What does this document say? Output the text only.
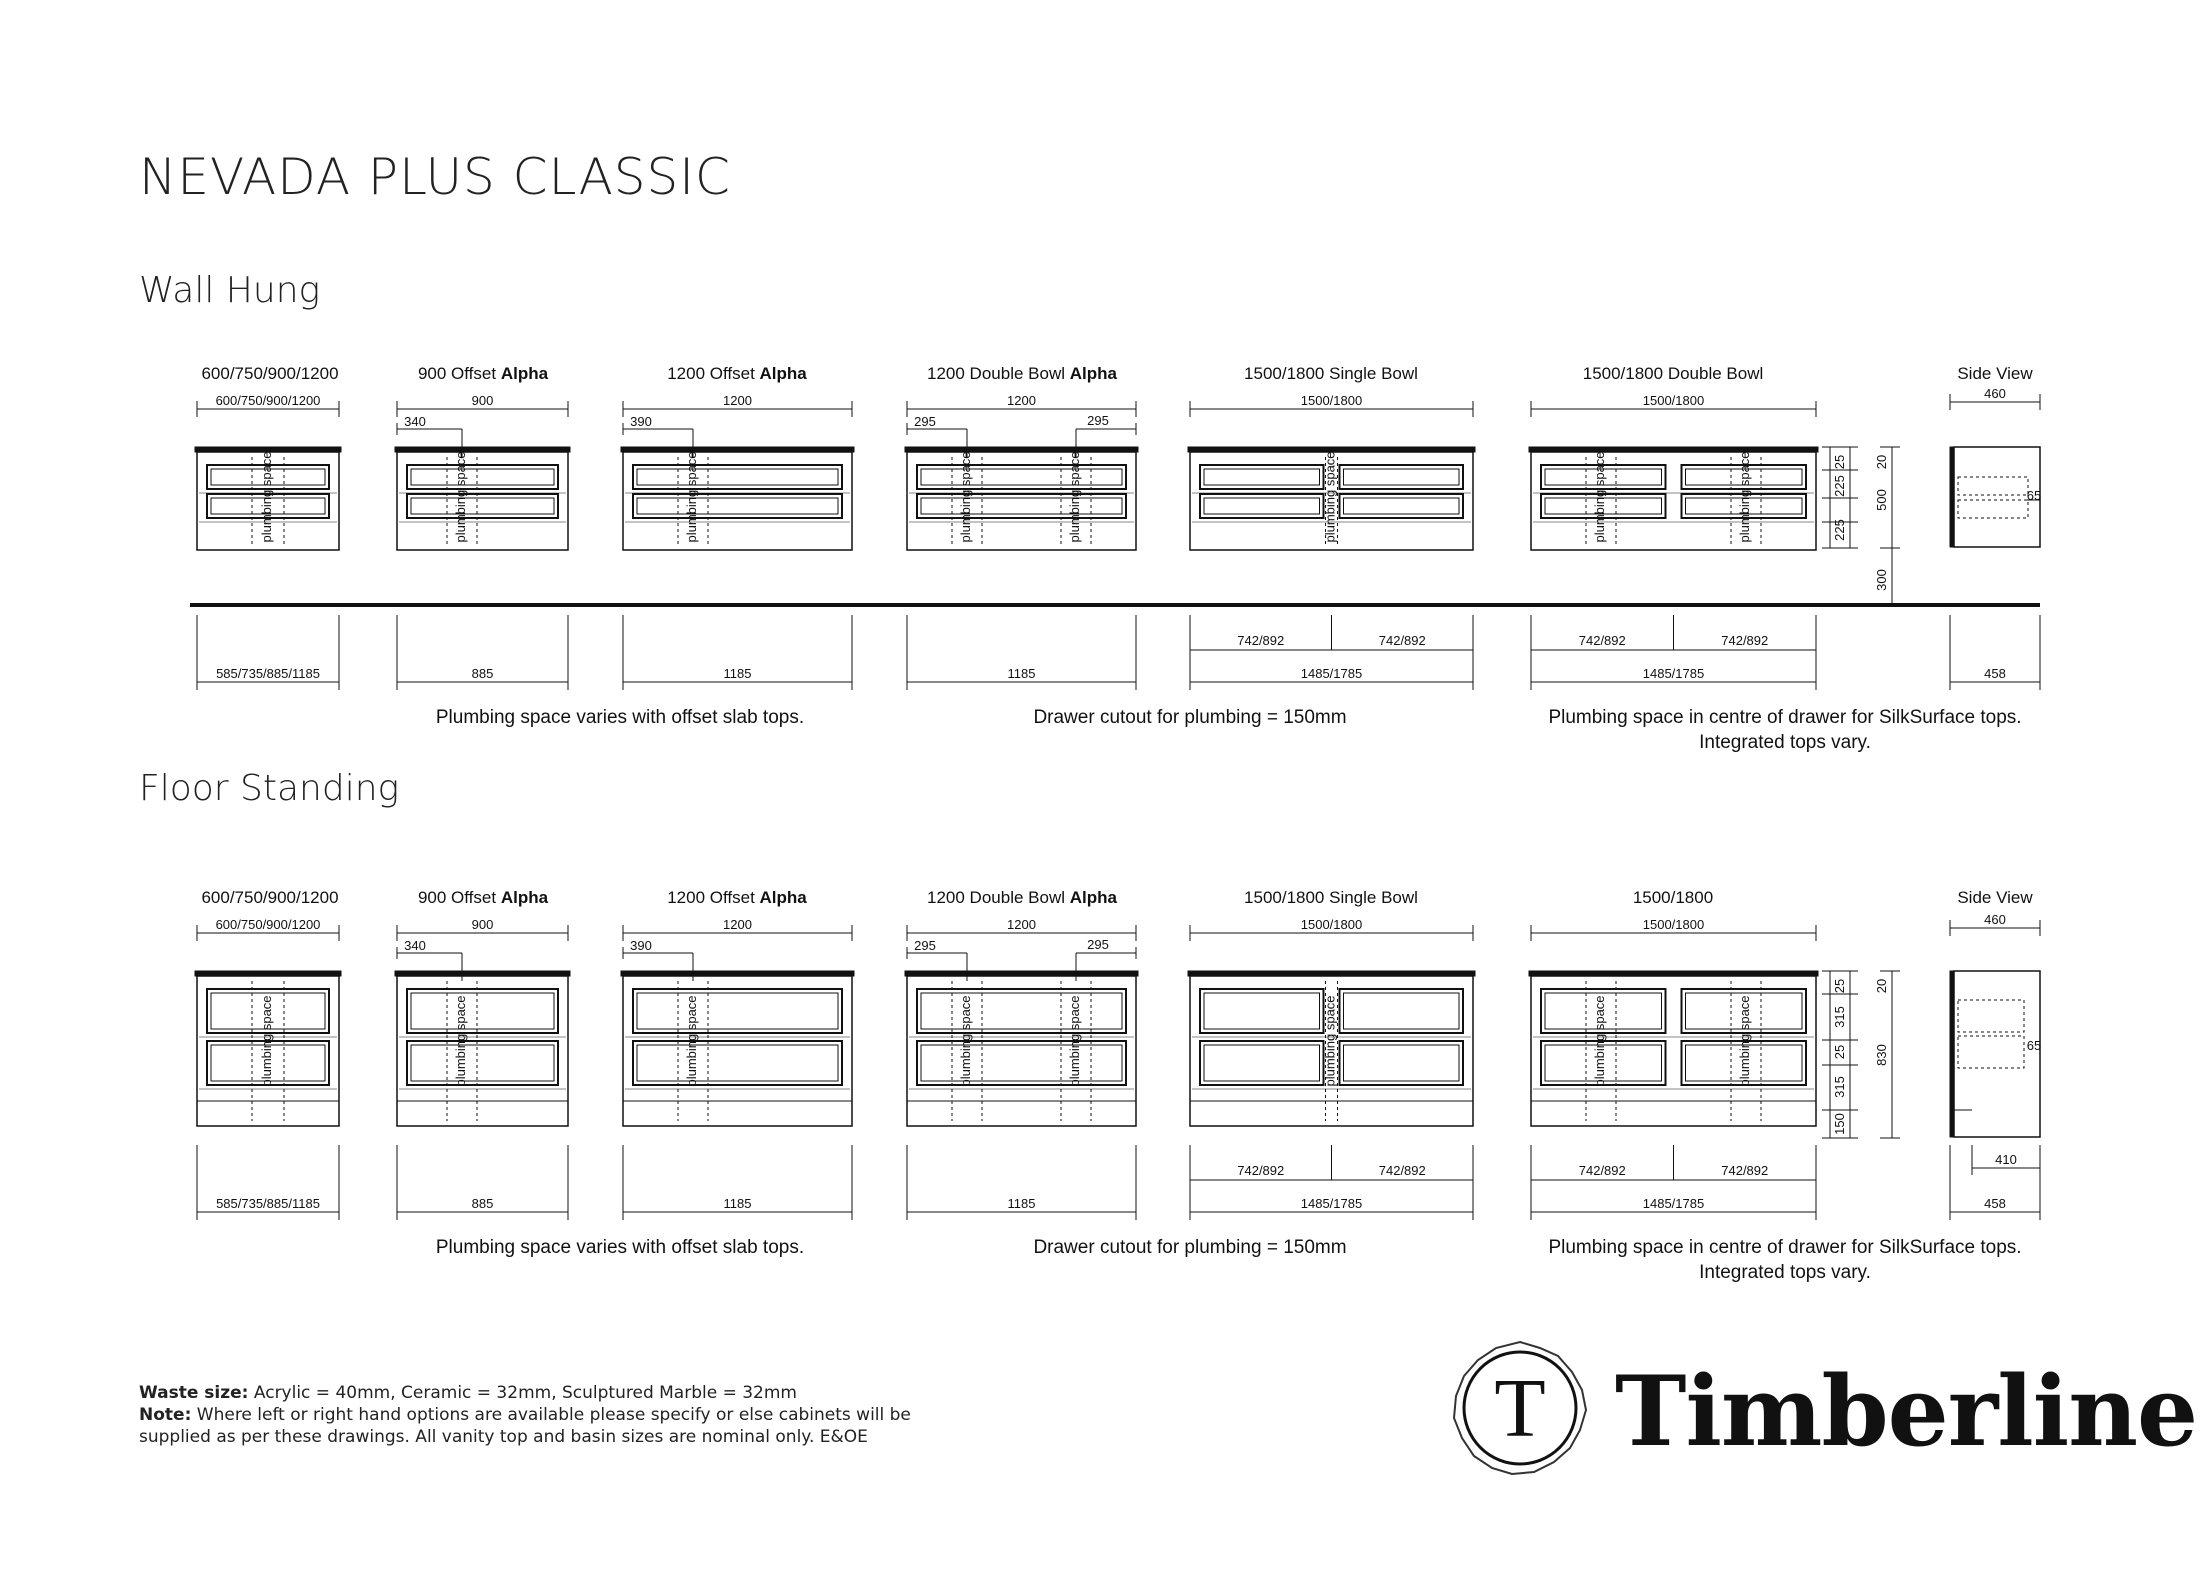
NEVADA PLUS CLASSIC
Wall Hung
Floor Standing
600/750/900/1200	900 Offset Alpha	1200 Offset Alpha	1200 Double Bowl Alpha	1500/1800 Single Bowl	1500/1800 Double Bowl	Side View
600/750/900/1200
plumbing space
900
340
plumbing space
1200
390
plumbing space
1200
295	295
plumbing space	plumbing space
1500/1800
plumbing space
1500/1800
plumbing space	plumbing space
585/735/885/1185	885	1185	1185	1485/1785
742/892	742/892
1485/1785
742/892	742/892
25
225
225
20
500
300
460
65
458
Plumbing space varies with offset slab tops.	Drawer cutout for plumbing = 150mm	Plumbing space in centre of drawer for SilkSurface tops.
Integrated tops vary.
600/750/900/1200	900 Offset Alpha	1200 Offset Alpha	1200 Double Bowl Alpha	1500/1800 Single Bowl	1500/1800	Side View
600/750/900/1200
plumbing space
900
340
plumbing space
1200
390
plumbing space
1200
295	295
plumbing space	plumbing space
1500/1800
plumbing space
1500/1800
plumbing space	plumbing space
585/735/885/1185	885	1185	1185	1485/1785
742/892	742/892
1485/1785
742/892	742/892
25
315
25
315
150
20
830
460
65
410
458
Plumbing space varies with offset slab tops.	Drawer cutout for plumbing = 150mm	Plumbing space in centre of drawer for SilkSurface tops.
Integrated tops vary.
Waste size: Acrylic = 40mm, Ceramic = 32mm, Sculptured Marble = 32mm
Note: Where left or right hand options are available please specify or else cabinets will be
supplied as per these drawings. All vanity top and basin sizes are nominal only. E&OE	T Timberline
